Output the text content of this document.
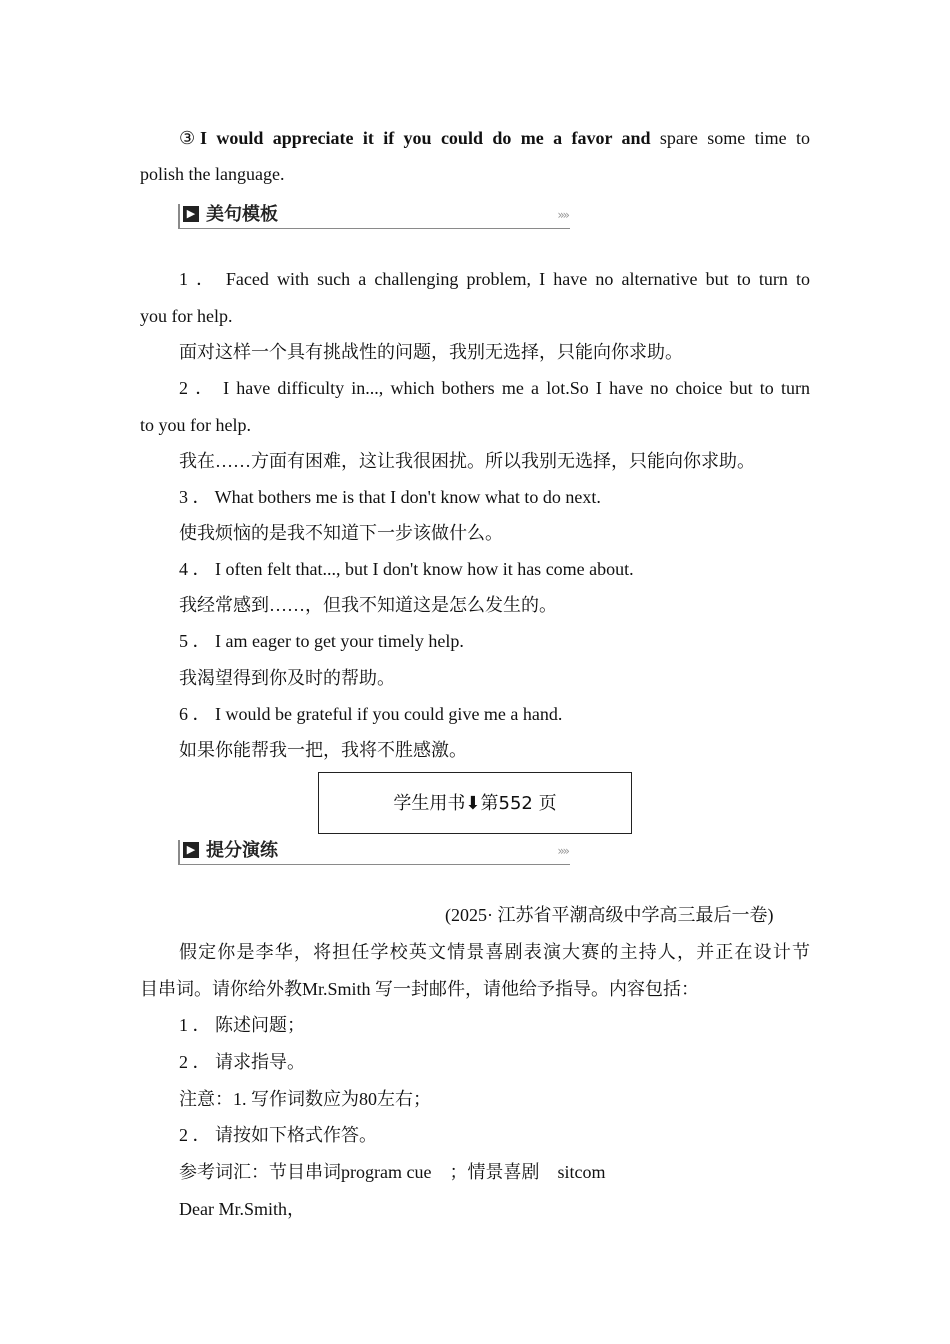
③I would appreciate it if you could do me a favor and spare some time to
polish the language.
▶ 美句模板	»»
1 ． Faced with such a challenging problem, I have no alternative but to turn to
you for help.
面对这样一个具有挑战性的问题，我别无选择，只能向你求助。
2 ． I have difficulty in..., which bothers me a lot.So I have no choice but to turn
to you for help.
我在……方面有困难，这让我很困扰。所以我别无选择，只能向你求助。
3 ． What bothers me is that I don't know what to do next.
使我烦恼的是我不知道下一步该做什么。
4 ． I often felt that..., but I don't know how it has come about.
我经常感到……，但我不知道这是怎么发生的。
5 ． I am eager to get your timely help.
我渴望得到你及时的帮助。
6 ． I would be grateful if you could give me a hand.
如果你能帮我一把，我将不胜感激。
学生用书⬇第552 页
▶ 提分演练	»»
(2025· 江苏省平潮高级中学高三最后一卷)
假定你是李华，将担任学校英文情景喜剧表演大赛的主持人，并正在设计节
目串词。请你给外教Mr.Smith 写一封邮件，请他给予指导。内容包括：
1 ． 陈述问题；
2 ． 请求指导。
注意：1. 写作词数应为80左右；
2 ． 请按如下格式作答。
参考词汇：节目串词program cue    ；情景喜剧    sitcom
Dear Mr.Smith，
